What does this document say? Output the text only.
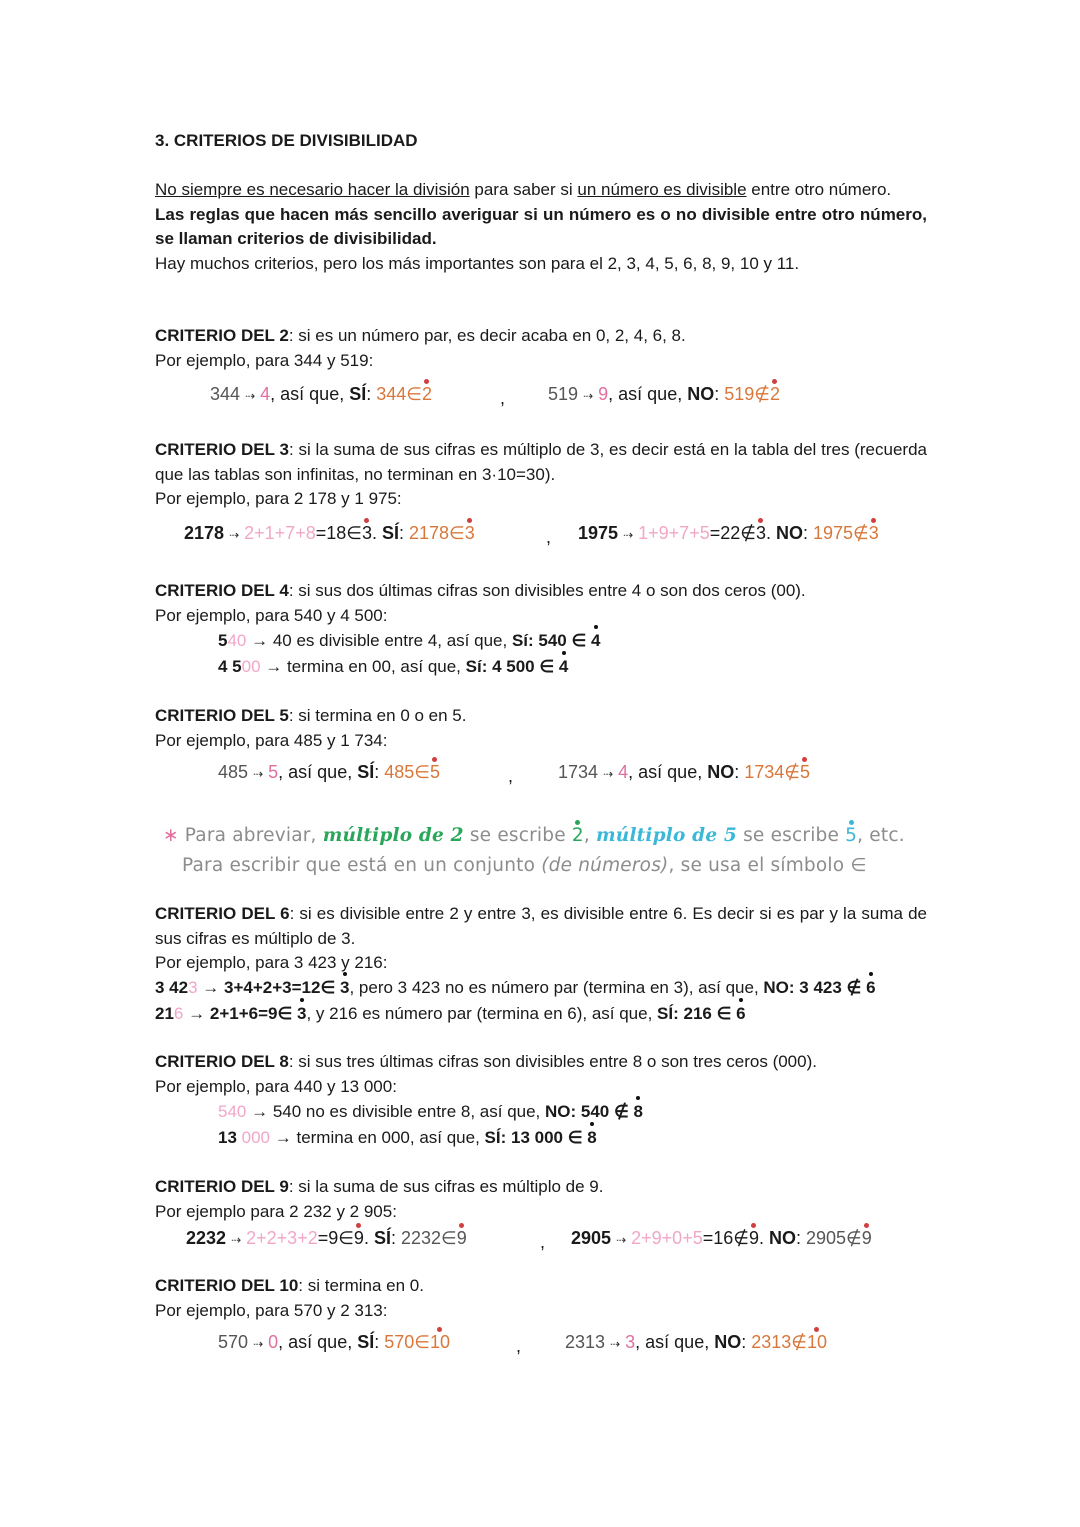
3. CRITERIOS DE DIVISIBILIDAD
No siempre es necesario hacer la división para saber si un número es divisible entre otro número.
Las reglas que hacen más sencillo averiguar si un número es o no divisible entre otro número, se llaman criterios de divisibilidad.
Hay muchos criterios, pero los más importantes son para el 2, 3, 4, 5, 6, 8, 9, 10 y 11.
CRITERIO DEL 2: si es un número par, es decir acaba en 0, 2, 4, 6, 8.
Por ejemplo, para 344 y 519:
344 ⇢ 4, así que, SÍ: 344∈2	, 519 ⇢ 9, así que, NO: 519∉2
CRITERIO DEL 3: si la suma de sus cifras es múltiplo de 3, es decir está en la tabla del tres (recuerda que las tablas son infinitas, no terminan en 3·10=30).
Por ejemplo, para 2 178 y 1 975:
2178 ⇢ 2+1+7+8=18∈3. SÍ: 2178∈3	, 1975 ⇢ 1+9+7+5=22∉3. NO: 1975∉3
CRITERIO DEL 4: si sus dos últimas cifras son divisibles entre 4 o son dos ceros (00).
Por ejemplo, para 540 y 4 500:
540 → 40 es divisible entre 4, así que, Sí: 540 ∈ 4
4 500 → termina en 00, así que, Sí: 4 500 ∈ 4
CRITERIO DEL 5: si termina en 0 o en 5.
Por ejemplo, para 485 y 1 734:
485 ⇢ 5, así que, SÍ: 485∈5	, 1734 ⇢ 4, así que, NO: 1734∉5
∗ Para abreviar, múltiplo de 2 se escribe 2, múltiplo de 5 se escribe 5, etc.
Para escribir que está en un conjunto (de números), se usa el símbolo ∈
CRITERIO DEL 6: si es divisible entre 2 y entre 3, es divisible entre 6. Es decir si es par y la suma de sus cifras es múltiplo de 3.
Por ejemplo, para 3 423 y 216:
3 423 → 3+4+2+3=12∈ 3, pero 3 423 no es número par (termina en 3), así que, NO: 3 423 ∉ 6
216 → 2+1+6=9∈ 3, y 216 es número par (termina en 6), así que, SÍ: 216 ∈ 6
CRITERIO DEL 8: si sus tres últimas cifras son divisibles entre 8 o son tres ceros (000).
Por ejemplo, para 440 y 13 000:
540 → 540 no es divisible entre 8, así que, NO: 540 ∉ 8
13 000 → termina en 000, así que, SÍ: 13 000 ∈ 8
CRITERIO DEL 9: si la suma de sus cifras es múltiplo de 9.
Por ejemplo para 2 232 y 2 905:
2232 ⇢ 2+2+3+2=9∈9. SÍ: 2232∈9	, 2905 ⇢ 2+9+0+5=16∉9. NO: 2905∉9
CRITERIO DEL 10: si termina en 0.
Por ejemplo, para 570 y 2 313:
570 ⇢ 0, así que, SÍ: 570∈10	, 2313 ⇢ 3, así que, NO: 2313∉10
